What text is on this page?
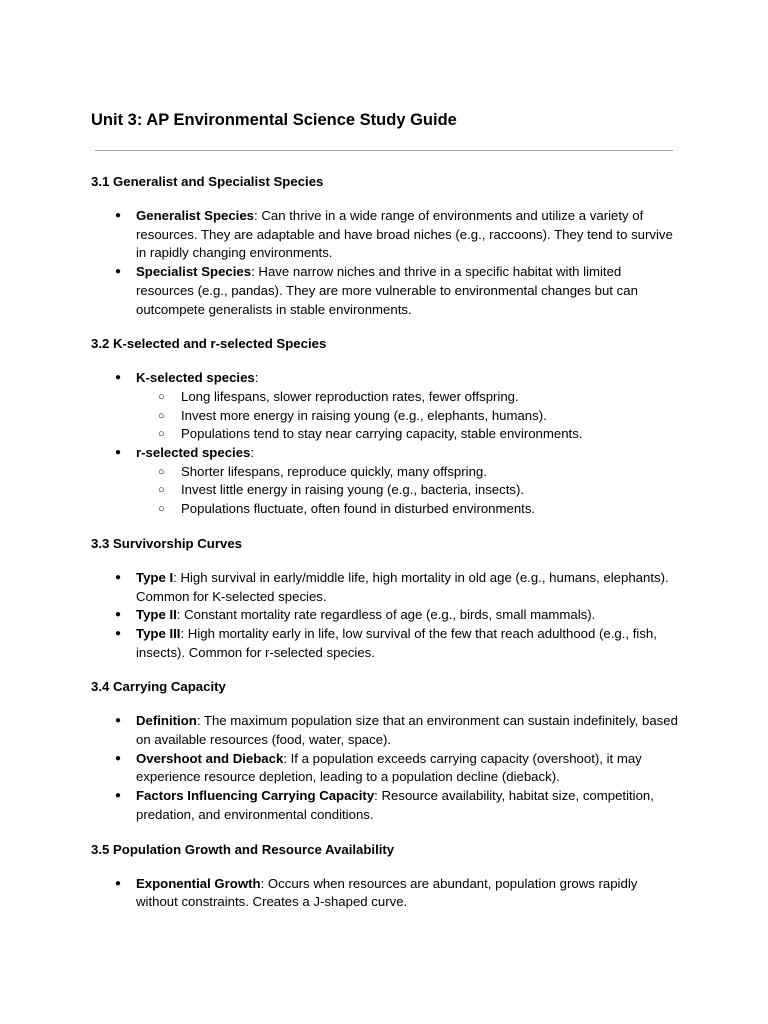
Unit 3: AP Environmental Science Study Guide
3.1 Generalist and Specialist Species
● Generalist Species: Can thrive in a wide range of environments and utilize a variety of resources. They are adaptable and have broad niches (e.g., raccoons). They tend to survive in rapidly changing environments.
● Specialist Species: Have narrow niches and thrive in a specific habitat with limited resources (e.g., pandas). They are more vulnerable to environmental changes but can outcompete generalists in stable environments.
3.2 K-selected and r-selected Species
● K-selected species:
○ Long lifespans, slower reproduction rates, fewer offspring.
○ Invest more energy in raising young (e.g., elephants, humans).
○ Populations tend to stay near carrying capacity, stable environments.
● r-selected species:
○ Shorter lifespans, reproduce quickly, many offspring.
○ Invest little energy in raising young (e.g., bacteria, insects).
○ Populations fluctuate, often found in disturbed environments.
3.3 Survivorship Curves
● Type I: High survival in early/middle life, high mortality in old age (e.g., humans, elephants). Common for K-selected species.
● Type II: Constant mortality rate regardless of age (e.g., birds, small mammals).
● Type III: High mortality early in life, low survival of the few that reach adulthood (e.g., fish, insects). Common for r-selected species.
3.4 Carrying Capacity
● Definition: The maximum population size that an environment can sustain indefinitely, based on available resources (food, water, space).
● Overshoot and Dieback: If a population exceeds carrying capacity (overshoot), it may experience resource depletion, leading to a population decline (dieback).
● Factors Influencing Carrying Capacity: Resource availability, habitat size, competition, predation, and environmental conditions.
3.5 Population Growth and Resource Availability
● Exponential Growth: Occurs when resources are abundant, population grows rapidly without constraints. Creates a J-shaped curve.
